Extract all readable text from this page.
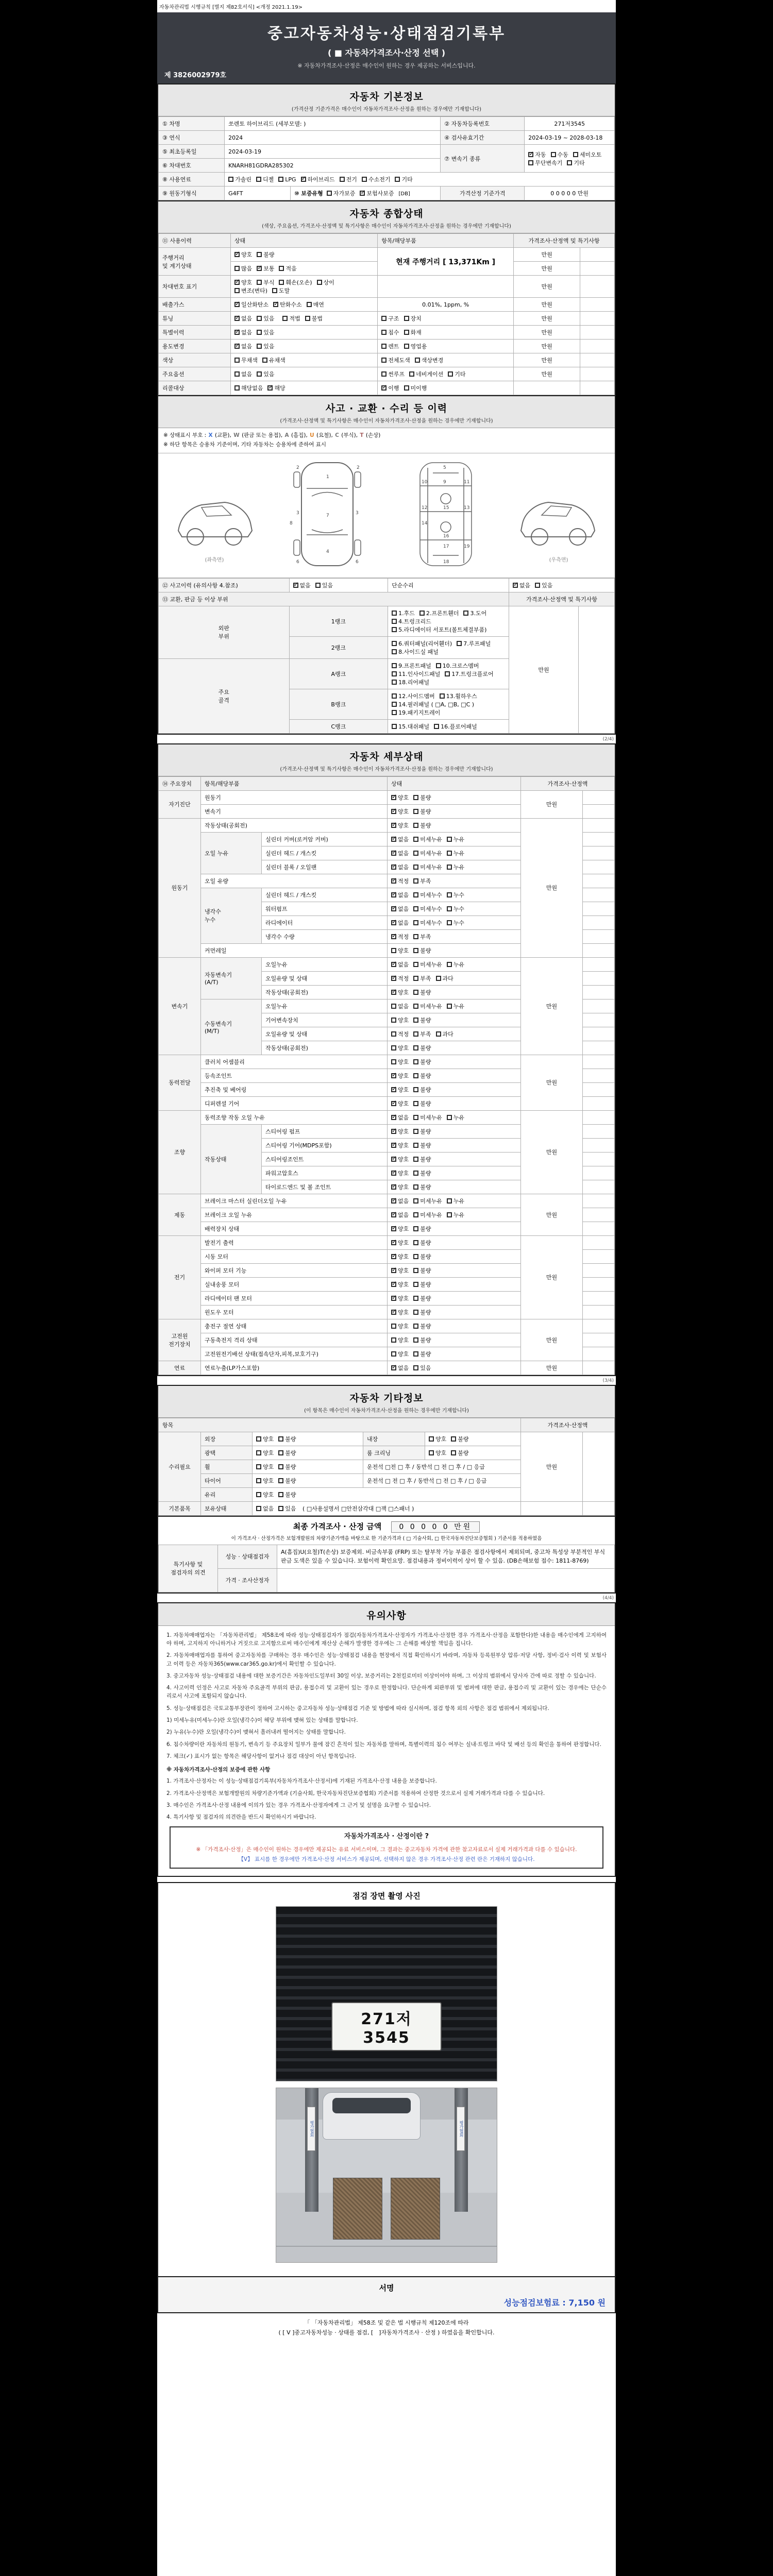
자동차관리법 시행규칙 [별지 제82호서식] <개정 2021.1.19>
중고자동차성능·상태점검기록부
( ■ 자동차가격조사·산정 선택 )
※ 자동차가격조사·산정은 매수인이 원하는 경우 제공하는 서비스입니다.
제 3826002979호
자동차 기본정보
(가격산정 기준가격은 매수인이 자동차가격조사·산정을 원하는 경우에만 기재합니다)
① 차명	쏘렌토 하이브리드 (세부모델: )		② 자동차등록번호	271저3545
③ 연식	2024		④ 검사유효기간	2024-03-19 ~ 2028-03-18
⑤ 최초등록일	2024-03-19		⑦ 변속기 종류	✓자동 수동 세미오토
무단변속기 기타
⑥ 차대번호	KNARH81GDRA285302			
⑧ 사용연료	가솔린 디젤 LPG ✓ 하이브리드 전기 수소전기 기타
⑨ 원동기형식	G4FT	⑩ 보증유형 자가보증 ✓ 보험사보증 [DB]	가격산정 기준가격	0 0 0 0 0 만원
자동차 종합상태
(색상, 주요옵션, 가격조사·산정액 및 특기사항은 매수인이 자동차가격조사·산정을 원하는 경우에만 기재합니다)
⑪ 사용이력	상태	항목/해당부품	가격조사·산정액 및 특기사항	
주행거리
및 계기상태	✓양호 불량	현재 주행거리 [ 13,371Km ]	만원	
	많음 ✓ 보통 적음		만원	
차대번호 표기	✓양호 부식 훼손(오손) 상이변조(변타) 도말		만원	
배출가스	✓일산화탄소 ✓ 탄화수소 매연	0.01%, 1ppm, %	만원	
튜닝	✓없음 있음 적법 불법	구조 장치	만원	
특별이력	✓없음 있음	침수 화재	만원	
용도변경	✓없음 있음	렌트 영업용	만원	
색상	무채색 유채색	전체도색 색상변경	만원	
주요옵션	없음 있음	썬루프 네비게이션 기타	만원	
리콜대상	해당없음 ✓ 해당	✓이행 미이행		
사고 · 교환 · 수리 등 이력
(가격조사·산정액 및 특기사항은 매수인이 자동차가격조사·산정을 원하는 경우에만 기재합니다)
※ 상태표시 부호 : X (교환), W (판금 또는 용접), A (흠집), U (요철), C (부식), T (손상)
※ 하단 항목은 승용차 기준이며, 기타 자동차는 승용차에 준하여 표시
(좌측면)
1
2	2
3	3
4
6	6
7
8
5
9
10	11
12	13
14
15
16
17
18
19
(우측면)
⑫ 사고이력 (유의사항 4.참조)	✓없음 있음	단순수리	✓없음 있음
⑬ 교환, 판금 등 이상 부위			가격조사·산정액 및 특기사항	
외판
부위	1랭크	1.후드 2.프론트휀더 3.도어4.트렁크리드5.라디에이터 서포트(볼트체결부품)	만원	
	2랭크	6.쿼터패널(리어휀더) 7.루프패널8.사이드실 패널		
주요
골격	A랭크	9.프론트패널 10.크로스멤버11.인사이드패널 17.트렁크플로어18.리어패널		
	B랭크	12.사이드멤버 13.휠하우스14.필러패널 ( □A, □B, □C )19.패키지트레이		
	C랭크	15.대쉬패널 16.플로어패널		
(2/4)
자동차 세부상태
(가격조사·산정액 및 특기사항은 매수인이 자동차가격조사·산정을 원하는 경우에만 기재합니다)
⑭ 주요장치	항목/해당부품		상태	가격조사·산정액	
자기진단	원동기	✓양호 불량	만원	
	변속기	✓양호 불량	
원동기	작동상태(공회전)	✓양호 불량	만원	
	오일 누유	실린더 커버(로커암 커버)	✓없음 미세누유 누유	
		실린더 헤드 / 개스킷	✓없음 미세누유 누유	
		실린더 블록 / 오일팬	✓없음 미세누유 누유	
	오일 유량	✓적정 부족	
	냉각수
누수	실린더 헤드 / 개스킷	✓없음 미세누수 누수	
		워터펌프	✓없음 미세누수 누수	
		라디에이터	✓없음 미세누수 누수	
		냉각수 수량	✓적정 부족	
	커먼레일		양호 불량		
변속기	자동변속기
(A/T)	오일누유	✓없음 미세누유 누유	만원	
		오일유량 및 상태	✓적정 부족 과다	
		작동상태(공회전)	✓양호 불량	
	수동변속기
(M/T)	오일누유	없음 미세누유 누유		
		기어변속장치	양호 불량		
		오일유량 및 상태	적정 부족 과다		
		작동상태(공회전)	양호 불량		
동력전달	클러치 어셈블리		양호 불량	만원	
	등속조인트	✓양호 불량	
	추진축 및 베어링	✓양호 불량	
	디퍼렌셜 기어	✓양호 불량	
조향	동력조향 작동 오일 누유	✓없음 미세누유 누유	만원	
	작동상태	스티어링 펌프	✓양호 불량	
		스티어링 기어(MDPS포함)	✓양호 불량	
		스티어링조인트	✓양호 불량	
		파워고압호스	✓양호 불량	
		타이로드엔드 및 볼 조인트	✓양호 불량	
제동	브레이크 마스터 실린더오일 누유	✓없음 미세누유 누유	만원	
	브레이크 오일 누유	✓없음 미세누유 누유	
	배력장치 상태	✓양호 불량	
전기	발전기 출력	✓양호 불량	만원	
	시동 모터	✓양호 불량	
	와이퍼 모터 기능	✓양호 불량	
	실내송풍 모터	✓양호 불량	
	라디에이터 팬 모터	✓양호 불량	
	윈도우 모터	✓양호 불량	
고전원
전기장치	충전구 절연 상태		양호 불량	만원	
	구동축전지 격리 상태		양호 불량		
	고전원전기배선 상태(접속단자,피복,보호기구)		양호 불량		
연료	연료누출(LP가스포함)	✓없음 있음	만원	
(3/4)
자동차 기타정보
(이 항목은 매수인이 자동차가격조사·산정을 원하는 경우에만 기재합니다)
항목					가격조사·산정액	
수리필요	외장	양호 불량	내장	양호 불량	만원	
	광택	양호 불량	룸 크리닝	양호 불량		
	휠	양호 불량	운전석 □전 □ 후 / 동반석 □ 전 □ 후 / □ 응급			
	타이어	양호 불량	운전석 □ 전 □ 후 / 동반석 □ 전 □ 후 / □ 응급			
	유리	양호 불량				
기본품목	보유상태	없음 있음 ( □사용설명서 □안전삼각대 □잭 □스패너 )				
최종 가격조사 · 산정 금액 0 0 0 0 0 만원
이 가격조사 · 산정가격은 보험개발원의 차량기준가액을 바탕으로 한 기준가격과 ( □ 기술사회, □ 한국자동차진단보증협회 ) 기준서를 적용하였음
특기사항 및
점검자의 의견	성능 · 상태점검자	A(흠집)U(요철)T(손상) 보증제외. 비금속부품 (FRP) 또는 탈부착 가능 부품은 점검사항에서 제외되며, 중고차 특성상 부분적인 부식 판금 도색은 있을 수 있습니다. 보험이력 확인요망. 점검내용과 정비이력이 상이 할 수 있음. (DB손해보험 접수: 1811-8769)
	가격 · 조사산정자	
(4/4)
유의사항

1. 자동차매매업자는 「자동차관리법」 제58조에 따라 성능·상태점검자가 점검(자동차가격조사·산정자가 가격조사·산정한 경우 가격조사·산정을 포함한다)한 내용을 매수인에게 고지하여야 하며, 고지하지 아니하거나 거짓으로 고지함으로써 매수인에게 재산상 손해가 발생한 경우에는 그 손해를 배상할 책임을 집니다.

2. 자동차매매업자를 통하여 중고자동차를 구매하는 경우 매수인은 성능·상태점검 내용을 현장에서 직접 확인하시기 바라며, 자동차 등록원부상 압류·저당 사항, 정비·검사 이력 및 보험사고 이력 등은 자동차365(www.car365.go.kr)에서 확인할 수 있습니다.

3. 중고자동차 성능·상태점검 내용에 대한 보증기간은 자동차인도일부터 30일 이상, 보증거리는 2천킬로미터 이상이어야 하며, 그 이상의 범위에서 당사자 간에 따로 정할 수 있습니다.

4. 사고이력 인정은 사고로 자동차 주요골격 부위의 판금, 용접수리 및 교환이 있는 경우로 한정합니다. 단순하게 외판부위 및 범퍼에 대한 판금, 용접수리 및 교환이 있는 경우에는 단순수리로서 사고에 포함되지 않습니다.

5. 성능·상태점검은 국토교통부장관이 정하여 고시하는 중고자동차 성능·상태점검 기준 및 방법에 따라 실시하며, 점검 항목 외의 사항은 점검 범위에서 제외됩니다.

1) 미세누유(미세누수)란 오일(냉각수)이 해당 부위에 맺혀 있는 상태를 말합니다.

2) 누유(누수)란 오일(냉각수)이 맺혀서 흘러내려 떨어지는 상태를 말합니다.

6. 침수차량이란 자동차의 원동기, 변속기 등 주요장치 일부가 물에 잠긴 흔적이 있는 자동차를 말하며, 특별이력의 침수 여부는 실내·트렁크 바닥 및 배선 등의 확인을 통하여 판정합니다.

7. 체크(✓) 표시가 없는 항목은 해당사항이 없거나 점검 대상이 아닌 항목입니다.

※ 자동차가격조사·산정의 보증에 관한 사항

1. 가격조사·산정자는 이 성능·상태점검기록부(자동차가격조사·산정서)에 기재된 가격조사·산정 내용을 보증합니다.

2. 가격조사·산정액은 보험개발원의 차량기준가액과 (기술사회, 한국자동차진단보증협회) 기준서를 적용하여 산정한 것으로서 실제 거래가격과 다를 수 있습니다.

3. 매수인은 가격조사·산정 내용에 이의가 있는 경우 가격조사·산정자에게 그 근거 및 설명을 요구할 수 있습니다.

4. 특기사항 및 점검자의 의견란을 반드시 확인하시기 바랍니다.

자동차가격조사 · 산정이란 ?
※ 「가격조사·산정」은 매수인이 원하는 경우에만 제공되는 유료 서비스이며, 그 결과는 중고자동차 가격에 관한 참고자료로서 실제 거래가격과 다를 수 있습니다.
【V】 표시를 한 경우에만 가격조사·산정 서비스가 제공되며, 선택하지 않은 경우 가격조사·산정 관련 란은 기재하지 않습니다.
점검 장면 촬영 사진
271저3545
평가협회	평가협회
서명
성능점검보험료 : 7,150 원
「 「자동차관리법」 제58조 및 같은 법 시행규칙 제120조에 따라
( [ V ]중고자동차성능 · 상태를 점검, [　]자동차가격조사 · 산정 ) 하였음을 확인합니다.
